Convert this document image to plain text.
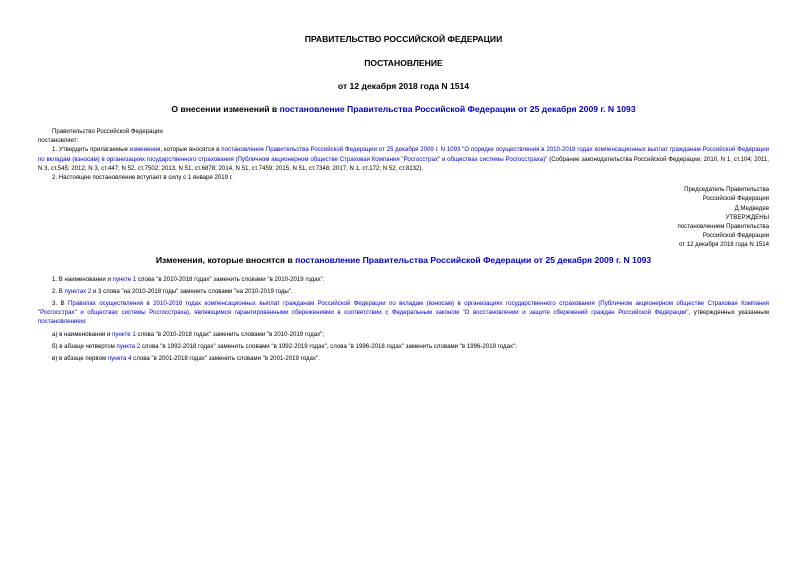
ПРАВИТЕЛЬСТВО РОССИЙСКОЙ ФЕДЕРАЦИИ
ПОСТАНОВЛЕНИЕ
от 12 декабря 2018 года N 1514
О внесении изменений в постановление Правительства Российской Федерации от 25 декабря 2009 г. N 1093
Правительство Российской Федерации
постановляет:
1. Утвердить прилагаемые изменения, которые вносятся в постановление Правительства Российской Федерации от 25 декабря 2009 г. N 1093 "О порядке осуществления в 2010-2018 годах компенсационных выплат гражданам Российской Федерации по вкладам (взносам) в организациях государственного страхования (Публичном акционерном обществе Страховая Компания "Росгосстрах" и обществах системы Росгосстраха)" (Собрание законодательства Российской Федерации, 2010, N 1, ст.104; 2011, N 3, ст.545; 2012, N 3, ст.447; N 52, ст.7502; 2013, N 51, ст.6878; 2014, N 51, ст.7459; 2015, N 51, ст.7348; 2017, N 1, ст.172; N 52, ст.8132).
2. Настоящее постановление вступает в силу с 1 января 2019 г.
Председатель Правительства
Российской Федерации
Д.Медведев
УТВЕРЖДЕНЫ
постановлением Правительства
Российской Федерации
от 12 декабря 2018 года N 1514
Изменения, которые вносятся в постановление Правительства Российской Федерации от 25 декабря 2009 г. N 1093
1. В наименовании и пункте 1 слова "в 2010-2018 годах" заменить словами "в 2010-2019 годах".
2. В пунктах 2 и 3 слова "на 2010-2018 годы" заменить словами "на 2010-2019 годы".
3. В Правилах осуществления в 2010-2018 годах компенсационных выплат гражданам Российской Федерации по вкладам (взносам) в организациях государственного страхования (Публичном акционерном обществе Страховая Компания "Росгосстрах" и обществах системы Росгосстраха), являющимся гарантированными сбережениями в соответствии с Федеральным законом "О восстановлении и защите сбережений граждан Российской Федерации", утвержденных указанным постановлением:
а) в наименовании и пункте 1 слова "в 2010-2018 годах" заменить словами "в 2010-2019 годах";
б) в абзаце четвертом пункта 2 слова "в 1992-2018 годах" заменить словами "в 1992-2019 годах", слова "в 1996-2018 годах" заменить словами "в 1996-2019 годах";
в) в абзаце первом пункта 4 слова "в 2001-2018 годах" заменить словами "в 2001-2019 годах".
